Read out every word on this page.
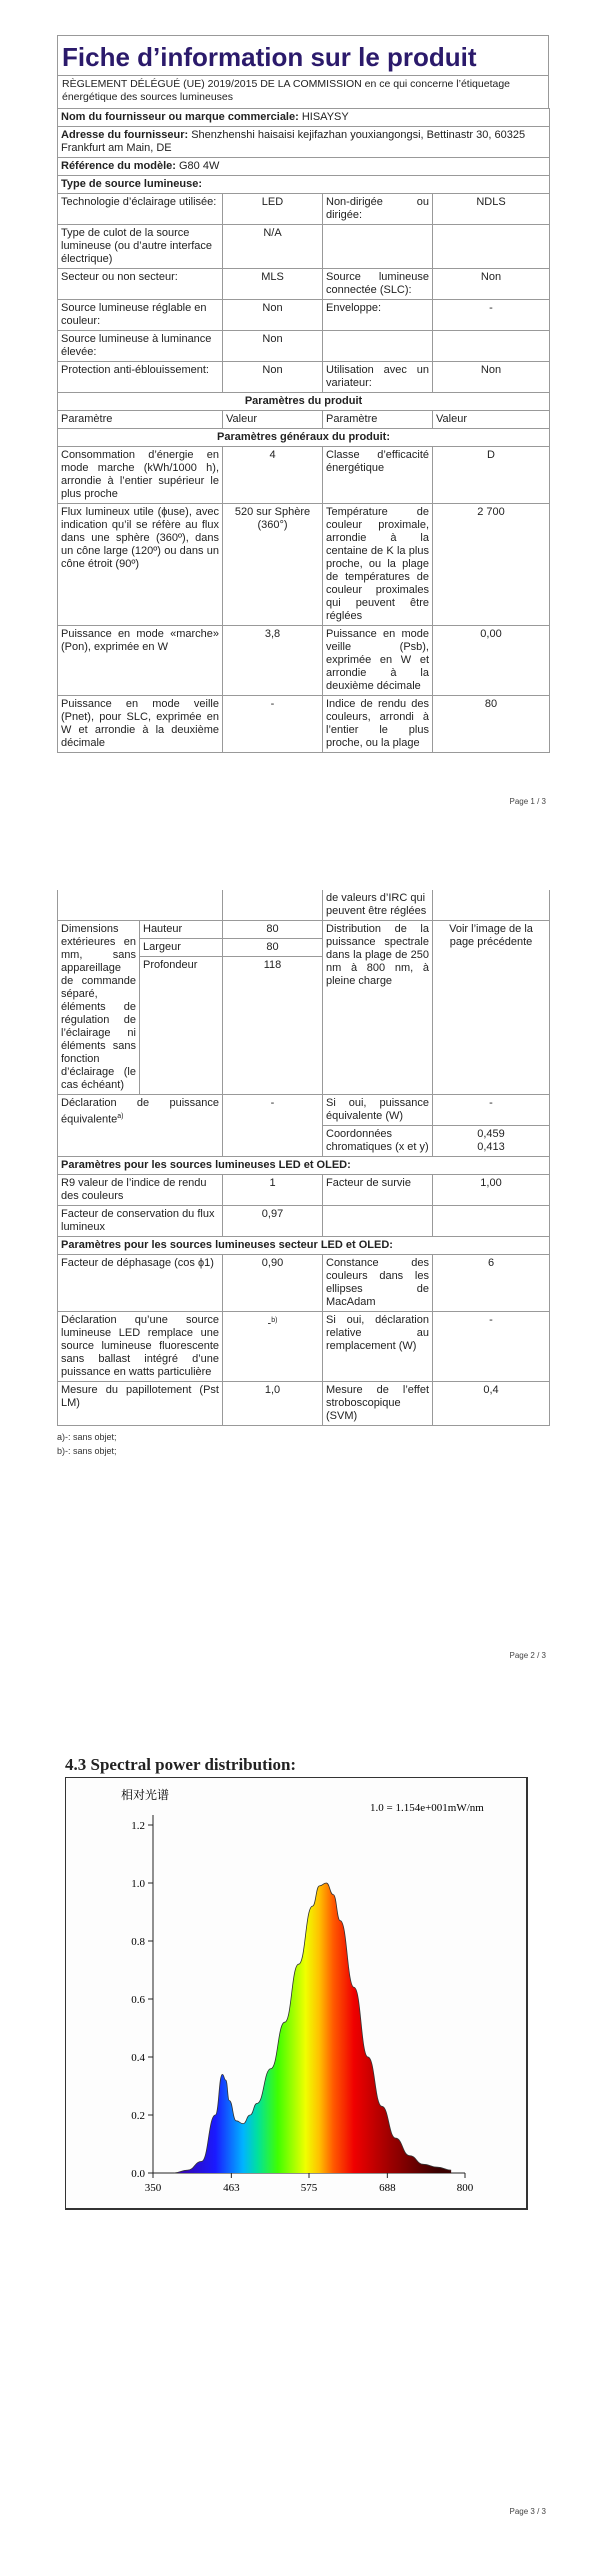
Fiche d’information sur le produit
RÈGLEMENT DÉLÉGUÉ (UE) 2019/2015 DE LA COMMISSION en ce qui concerne l’étiquetage énergétique des sources lumineuses
Nom du fournisseur ou marque commerciale: HISAYSY			
Adresse du fournisseur: Shenzhenshi haisaisi kejifazhan youxiangongsi, Bettinastr 30, 60325 Frankfurt am Main, DE			
Référence du modèle: G80 4W			
Type de source lumineuse:			
Technologie d’éclairage utilisée:	LED	Non-dirigée ou dirigée:	NDLS
Type de culot de la source lumineuse (ou d’autre interface électrique)	N/A		
Secteur ou non secteur:	MLS	Source lumineuse connectée (SLC):	Non
Source lumineuse réglable en couleur:	Non	Enveloppe:	-
Source lumineuse à luminance élevée:	Non		
Protection anti-éblouissement:	Non	Utilisation avec un variateur:	Non
Paramètres du produit			
Paramètre	Valeur	Paramètre	Valeur
Paramètres généraux du produit:			
Consommation d’énergie en mode marche (kWh/1000 h), arrondie à l’entier supérieur le plus proche	4	Classe d’efficacité énergétique	D
Flux lumineux utile (ϕuse), avec indication qu’il se réfère au flux dans une sphère (360º), dans un cône large (120º) ou dans un cône étroit (90º)	520 sur Sphère (360°)	Température de couleur proximale, arrondie à la centaine de K la plus proche, ou la plage de températures de couleur proximales qui peuvent être réglées	2 700
Puissance en mode «marche» (Pon), exprimée en W	3,8	Puissance en mode veille (Psb), exprimée en W et arrondie à la deuxième décimale	0,00
Puissance en mode veille (Pnet), pour SLC, exprimée en W et arrondie à la deuxième décimale	-	Indice de rendu des couleurs, arrondi à l’entier le plus proche, ou la plage	80
Page 1 / 3
			de valeurs d’IRC qui peuvent être réglées	
Dimensions extérieures en mm, sans appareillage de commande séparé, éléments de régulation de l’éclairage ni éléments sans fonction d’éclairage (le cas échéant)	Hauteur	80	Distribution de la puissance spectrale dans la plage de 250 nm à 800 nm, à pleine charge	Voir l’image de la page précédente
	Largeur	80		
	Profondeur	118		
Déclaration de puissance équivalente$^{a)}$		-	Si oui, puissance équivalente (W)	-
			Coordonnées chromatiques (x et y)	0,459
0,413

Paramètres pour les sources lumineuses LED et OLED:				
R9 valeur de l’indice de rendu des couleurs		1	Facteur de survie	1,00
Facteur de conservation du flux lumineux		0,97		
Paramètres pour les sources lumineuses secteur LED et OLED:				
Facteur de déphasage (cos ϕ1)		0,90	Constance des couleurs dans les ellipses de MacAdam	6
Déclaration qu’une source lumineuse LED remplace une source lumineuse fluorescente sans ballast intégré d’une puissance en watts particulière		-$^{b)}$	Si oui, déclaration relative au remplacement (W)	-
Mesure du papillotement (Pst LM)		1,0	Mesure de l’effet stroboscopique (SVM)	0,4
a)-: sans objet;
b)-: sans objet;
Page 2 / 3
4.3 Spectral power distribution:
相对光谱
1.0 = 1.154e+001mW/nm
0.0
0.2
0.4
0.6
0.8
1.0
1.2
350	463	575	688	800
Page 3 / 3
